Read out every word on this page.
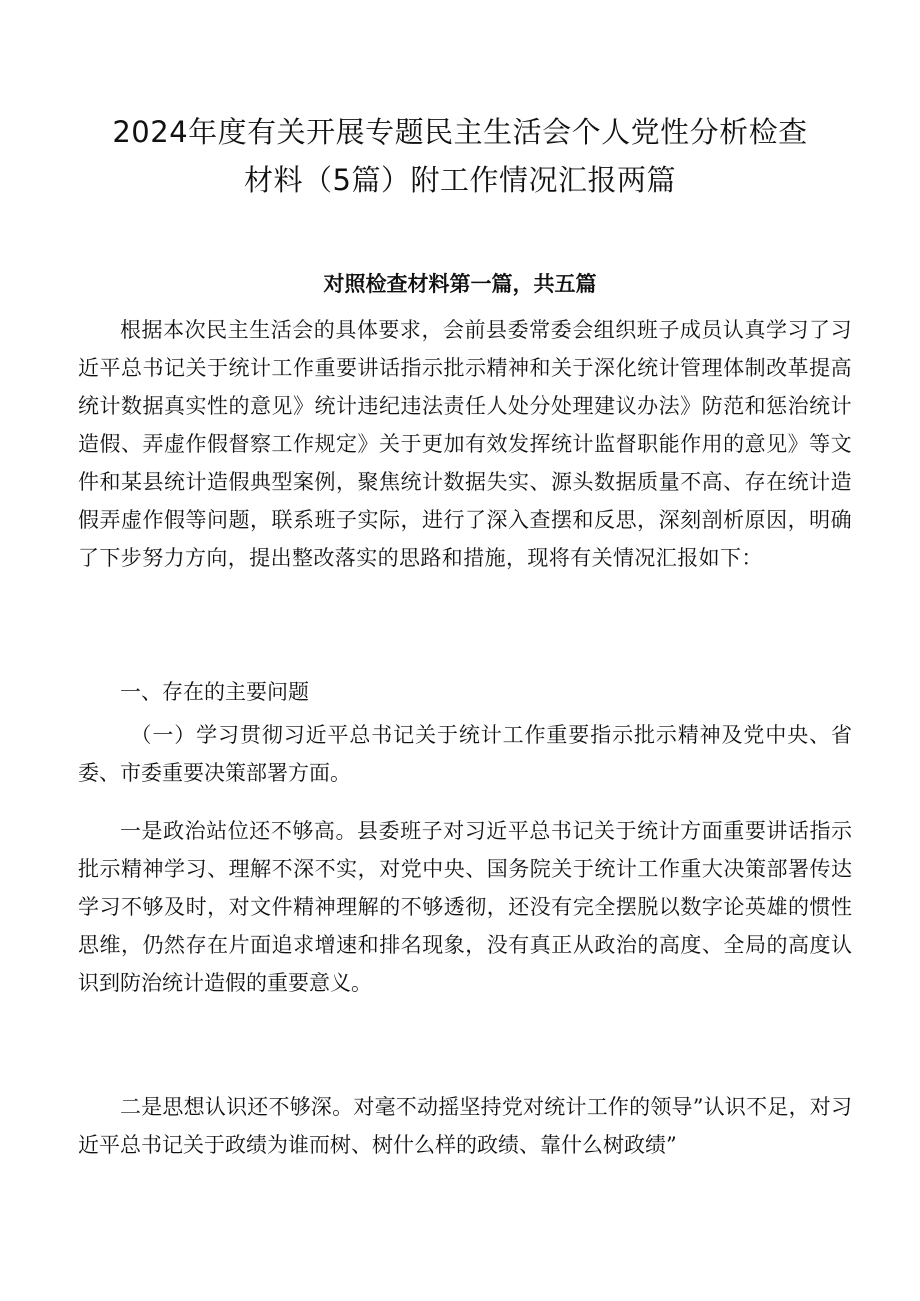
2024年度有关开展专题民主生活会个人党性分析检查
材料（5篇）附工作情况汇报两篇
对照检查材料第一篇，共五篇

根据本次民主生活会的具体要求，会前县委常委会组织班子成员认真学习了习近平总书记关于统计工作重要讲话指示批示精神和关于深化统计管理体制改革提高统计数据真实性的意见》统计违纪违法责任人处分处理建议办法》防范和惩治统计造假、弄虚作假督察工作规定》关于更加有效发挥统计监督职能作用的意见》等文件和某县统计造假典型案例，聚焦统计数据失实、源头数据质量不高、存在统计造假弄虚作假等问题，联系班子实际，进行了深入查摆和反思，深刻剖析原因，明确了下步努力方向，提出整改落实的思路和措施，现将有关情况汇报如下：

一、存在的主要问题

（一）学习贯彻习近平总书记关于统计工作重要指示批示精神及党中央、省委、市委重要决策部署方面。

一是政治站位还不够高。县委班子对习近平总书记关于统计方面重要讲话指示批示精神学习、理解不深不实，对党中央、国务院关于统计工作重大决策部署传达学习不够及时，对文件精神理解的不够透彻，还没有完全摆脱以数字论英雄的惯性思维，仍然存在片面追求增速和排名现象，没有真正从政治的高度、全局的高度认识到防治统计造假的重要意义。

二是思想认识还不够深。对毫不动摇坚持党对统计工作的领导”认识不足，对习近平总书记关于政绩为谁而树、树什么样的政绩、靠什么树政绩”
